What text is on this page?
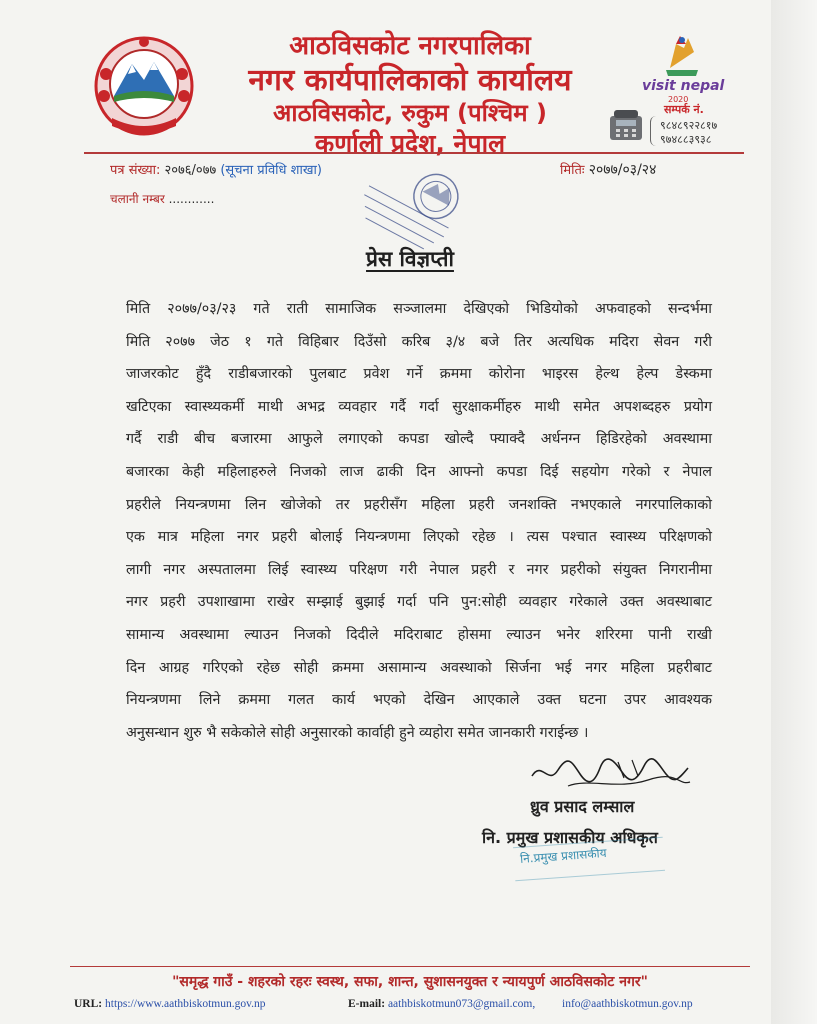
आठविसकोट नगरपालिका
नगर कार्यपालिकाको कार्यालय
आठविसकोट, रुकुम (पश्चिम )
कर्णाली प्रदेश, नेपाल
visit nepal
2020
सम्पर्क नं.
९८४८९२२८१७
९७४८८३९३८
पत्र संख्या: २०७६/०७७ (सूचना प्रविधि शाखा)	मितिः २०७७/०३/२४
चलानी नम्बर ............
प्रेस विज्ञप्ती
मिति २०७७/०३/२३ गते राती सामाजिक सञ्जालमा देखिएको भिडियोको अफवाहको सन्दर्भमा
मिति २०७७ जेठ १ गते विहिबार दिउँसो करिब ३/४ बजे तिर अत्यधिक मदिरा सेवन गरी
जाजरकोट हुँदै राडीबजारको पुलबाट प्रवेश गर्ने क्रममा कोरोना भाइरस हेल्थ हेल्प डेस्कमा
खटिएका स्वास्थ्यकर्मी माथी अभद्र व्यवहार गर्दै गर्दा सुरक्षाकर्मीहरु माथी समेत अपशब्दहरु प्रयोग
गर्दै राडी बीच बजारमा आफुले लगाएको कपडा खोल्दै फ्याक्दै अर्धनग्न हिडिरहेको अवस्थामा
बजारका केही महिलाहरुले निजको लाज ढाकी दिन आफ्नो कपडा दिई सहयोग गरेको र नेपाल
प्रहरीले नियन्त्रणमा लिन खोजेको तर प्रहरीसँग महिला प्रहरी जनशक्ति नभएकाले नगरपालिकाको
एक मात्र महिला नगर प्रहरी बोलाई नियन्त्रणमा लिएको रहेछ । त्यस पश्चात स्वास्थ्य परिक्षणको
लागी नगर अस्पतालमा लिई स्वास्थ्य परिक्षण गरी नेपाल प्रहरी र नगर प्रहरीको संयुक्त निगरानीमा
नगर प्रहरी उपशाखामा राखेर सम्झाई बुझाई गर्दा पनि पुन:सोही व्यवहार गरेकाले उक्त अवस्थाबाट
सामान्य अवस्थामा ल्याउन निजको दिदीले मदिराबाट होसमा ल्याउन भनेर शरिरमा पानी राखी
दिन आग्रह गरिएको रहेछ सोही क्रममा असामान्य अवस्थाको सिर्जना भई नगर महिला प्रहरीबाट
नियन्त्रणमा लिने क्रममा गलत कार्य भएको देखिन आएकाले उक्त घटना उपर आवश्यक
अनुसन्धान शुरु भै सकेकोले सोही अनुसारको कार्वाही हुने व्यहोरा समेत जानकारी गराईन्छ ।
ध्रुव प्रसाद लम्साल
नि. प्रमुख प्रशासकीय अधिकृत
नि.प्रमुख प्रशासकीय
"समृद्ध गाउँ - शहरको रहरः स्वस्थ, सफा, शान्त, सुशासनयुक्त र न्यायपुर्ण आठविसकोट नगर"
URL: https://www.aathbiskotmun.gov.np	E-mail: aathbiskotmun073@gmail.com, info@aathbiskotmun.gov.np
